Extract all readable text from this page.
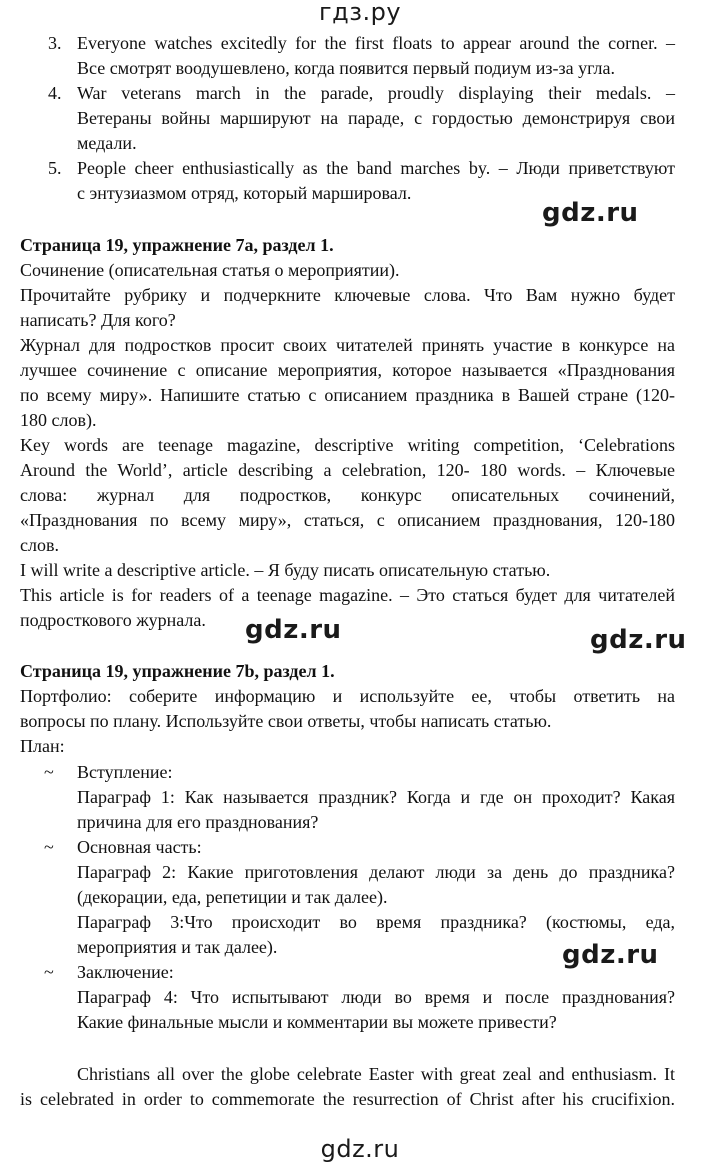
гдз.ру
3. Everyone watches excitedly for the first floats to appear around the corner. –
Все смотрят воодушевлено, когда появится первый подиум из-за угла.
4. War veterans march in the parade, proudly displaying their medals. –
Ветераны войны маршируют на параде, с гордостью демонстрируя свои
медали.
5. People cheer enthusiastically as the band marches by. – Люди приветствуют
с энтузиазмом отряд, который маршировал.
gdz.ru
Страница 19, упражнение 7a, раздел 1.
Сочинение (описательная статья о мероприятии).
Прочитайте рубрику и подчеркните ключевые слова. Что Вам нужно будет
написать? Для кого?
Журнал для подростков просит своих читателей принять участие в конкурсе на
лучшее сочинение с описание мероприятия, которое называется «Празднования
по всему миру». Напишите статью с описанием праздника в Вашей стране (120-
180 слов).
Key words are teenage magazine, descriptive writing competition, ‘Celebrations
Around the World’, article describing a celebration, 120- 180 words. – Ключевые
слова: журнал для подростков, конкурс описательных сочинений,
«Празднования по всему миру», статься, с описанием празднования, 120-180
слов.
I will write a descriptive article. – Я буду писать описательную статью.
This article is for readers of a teenage magazine. – Это статься будет для читателей
подросткового журнала. gdz.ru	gdz.ru
Страница 19, упражнение 7b, раздел 1.
Портфолио: соберите информацию и используйте ее, чтобы ответить на
вопросы по плану. Используйте свои ответы, чтобы написать статью.
План:
~ Вступление:
Параграф 1: Как называется праздник? Когда и где он проходит? Какая
причина для его празднования?
~ Основная часть:
Параграф 2: Какие приготовления делают люди за день до праздника?
(декорации, еда, репетиции и так далее).
Параграф 3:Что происходит во время праздника? (костюмы, еда,
мероприятия и так далее).	gdz.ru
~ Заключение:
Параграф 4: Что испытывают люди во время и после празднования?
Какие финальные мысли и комментарии вы можете привести?
Christians all over the globe celebrate Easter with great zeal and enthusiasm. It
is celebrated in order to commemorate the resurrection of Christ after his crucifixion.
gdz.ru
